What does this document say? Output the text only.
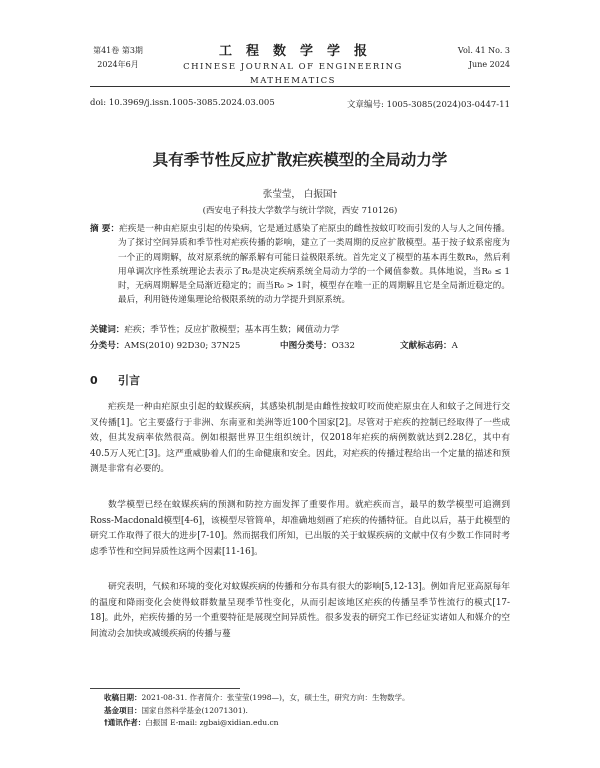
第41卷 第3期
2024年6月
工程数学学报
CHINESE JOURNAL OF ENGINEERING MATHEMATICS
Vol. 41 No. 3
June 2024
doi: 10.3969/j.issn.1005-3085.2024.03.005	文章编号: 1005-3085(2024)03-0447-11
具有季节性反应扩散疟疾模型的全局动力学
张莹莹， 白振国†
(西安电子科技大学数学与统计学院，西安 710126)
摘 要：疟疾是一种由疟原虫引起的传染病，它是通过感染了疟原虫的雌性按蚊叮咬而引发的人与人之间传播。为了探讨空间异质和季节性对疟疾传播的影响，建立了一类周期的反应扩散模型。基于按子蚊系密度为一个正的周期解，故对原系统的解系解有可能日益极限系统。首先定义了模型的基本再生数R₀，然后利用单调次序性系统理论去表示了R₀是决定疾病系统全局动力学的一个阈值参数。具体地说，当R₀ ≤ 1时，无病周期解是全局渐近稳定的；而当R₀ > 1时，模型存在唯一正的周期解且它是全局渐近稳定的。最后，利用链传递集理论给极限系统的动力学提升到原系统。
关键词：疟疾；季节性；反应扩散模型；基本再生数；阈值动力学
分类号：AMS(2010) 92D30; 37N25	中图分类号：O332	文献标志码：A
0 引言

疟疾是一种由疟原虫引起的蚊媒疾病，其感染机制是由雌性按蚊叮咬而使疟原虫在人和蚊子之间进行交叉传播[1]。它主要盛行于非洲、东南亚和美洲等近100个国家[2]。尽管对于疟疾的控制已经取得了一些成效，但其发病率依然很高。例如根据世界卫生组织统计，仅2018年疟疾的病例数就达到2.28亿，其中有40.5万人死亡[3]。这严重威胁着人们的生命健康和安全。因此，对疟疾的传播过程给出一个定量的描述和预测是非常有必要的。

数学模型已经在蚊媒疾病的预测和防控方面发挥了重要作用。就疟疾而言，最早的数学模型可追溯到Ross-Macdonald模型[4-6]，该模型尽管简单，却准确地刻画了疟疾的传播特征。自此以后，基于此模型的研究工作取得了很大的进步[7-10]。然而据我们所知，已出版的关于蚊媒疾病的文献中仅有少数工作同时考虑季节性和空间异质性这两个因素[11-16]。

研究表明，气候和环境的变化对蚊媒疾病的传播和分布具有很大的影响[5,12-13]。例如肯尼亚高原每年的温度和降雨变化会使得蚊群数量呈现季节性变化，从而引起该地区疟疾的传播呈季节性流行的模式[17-18]。此外，疟疾传播的另一个重要特征是展现空间异质性。很多发表的研究工作已经证实诸如人和媒介的空间流动会加快或减缓疾病的传播与蔓

收稿日期：2021-08-31. 作者简介：张莹莹(1998—)，女，硕士生，研究方向：生物数学。
基金项目：国家自然科学基金(12071301).
†通讯作者：白振国 E-mail: zgbai@xidian.edu.cn
